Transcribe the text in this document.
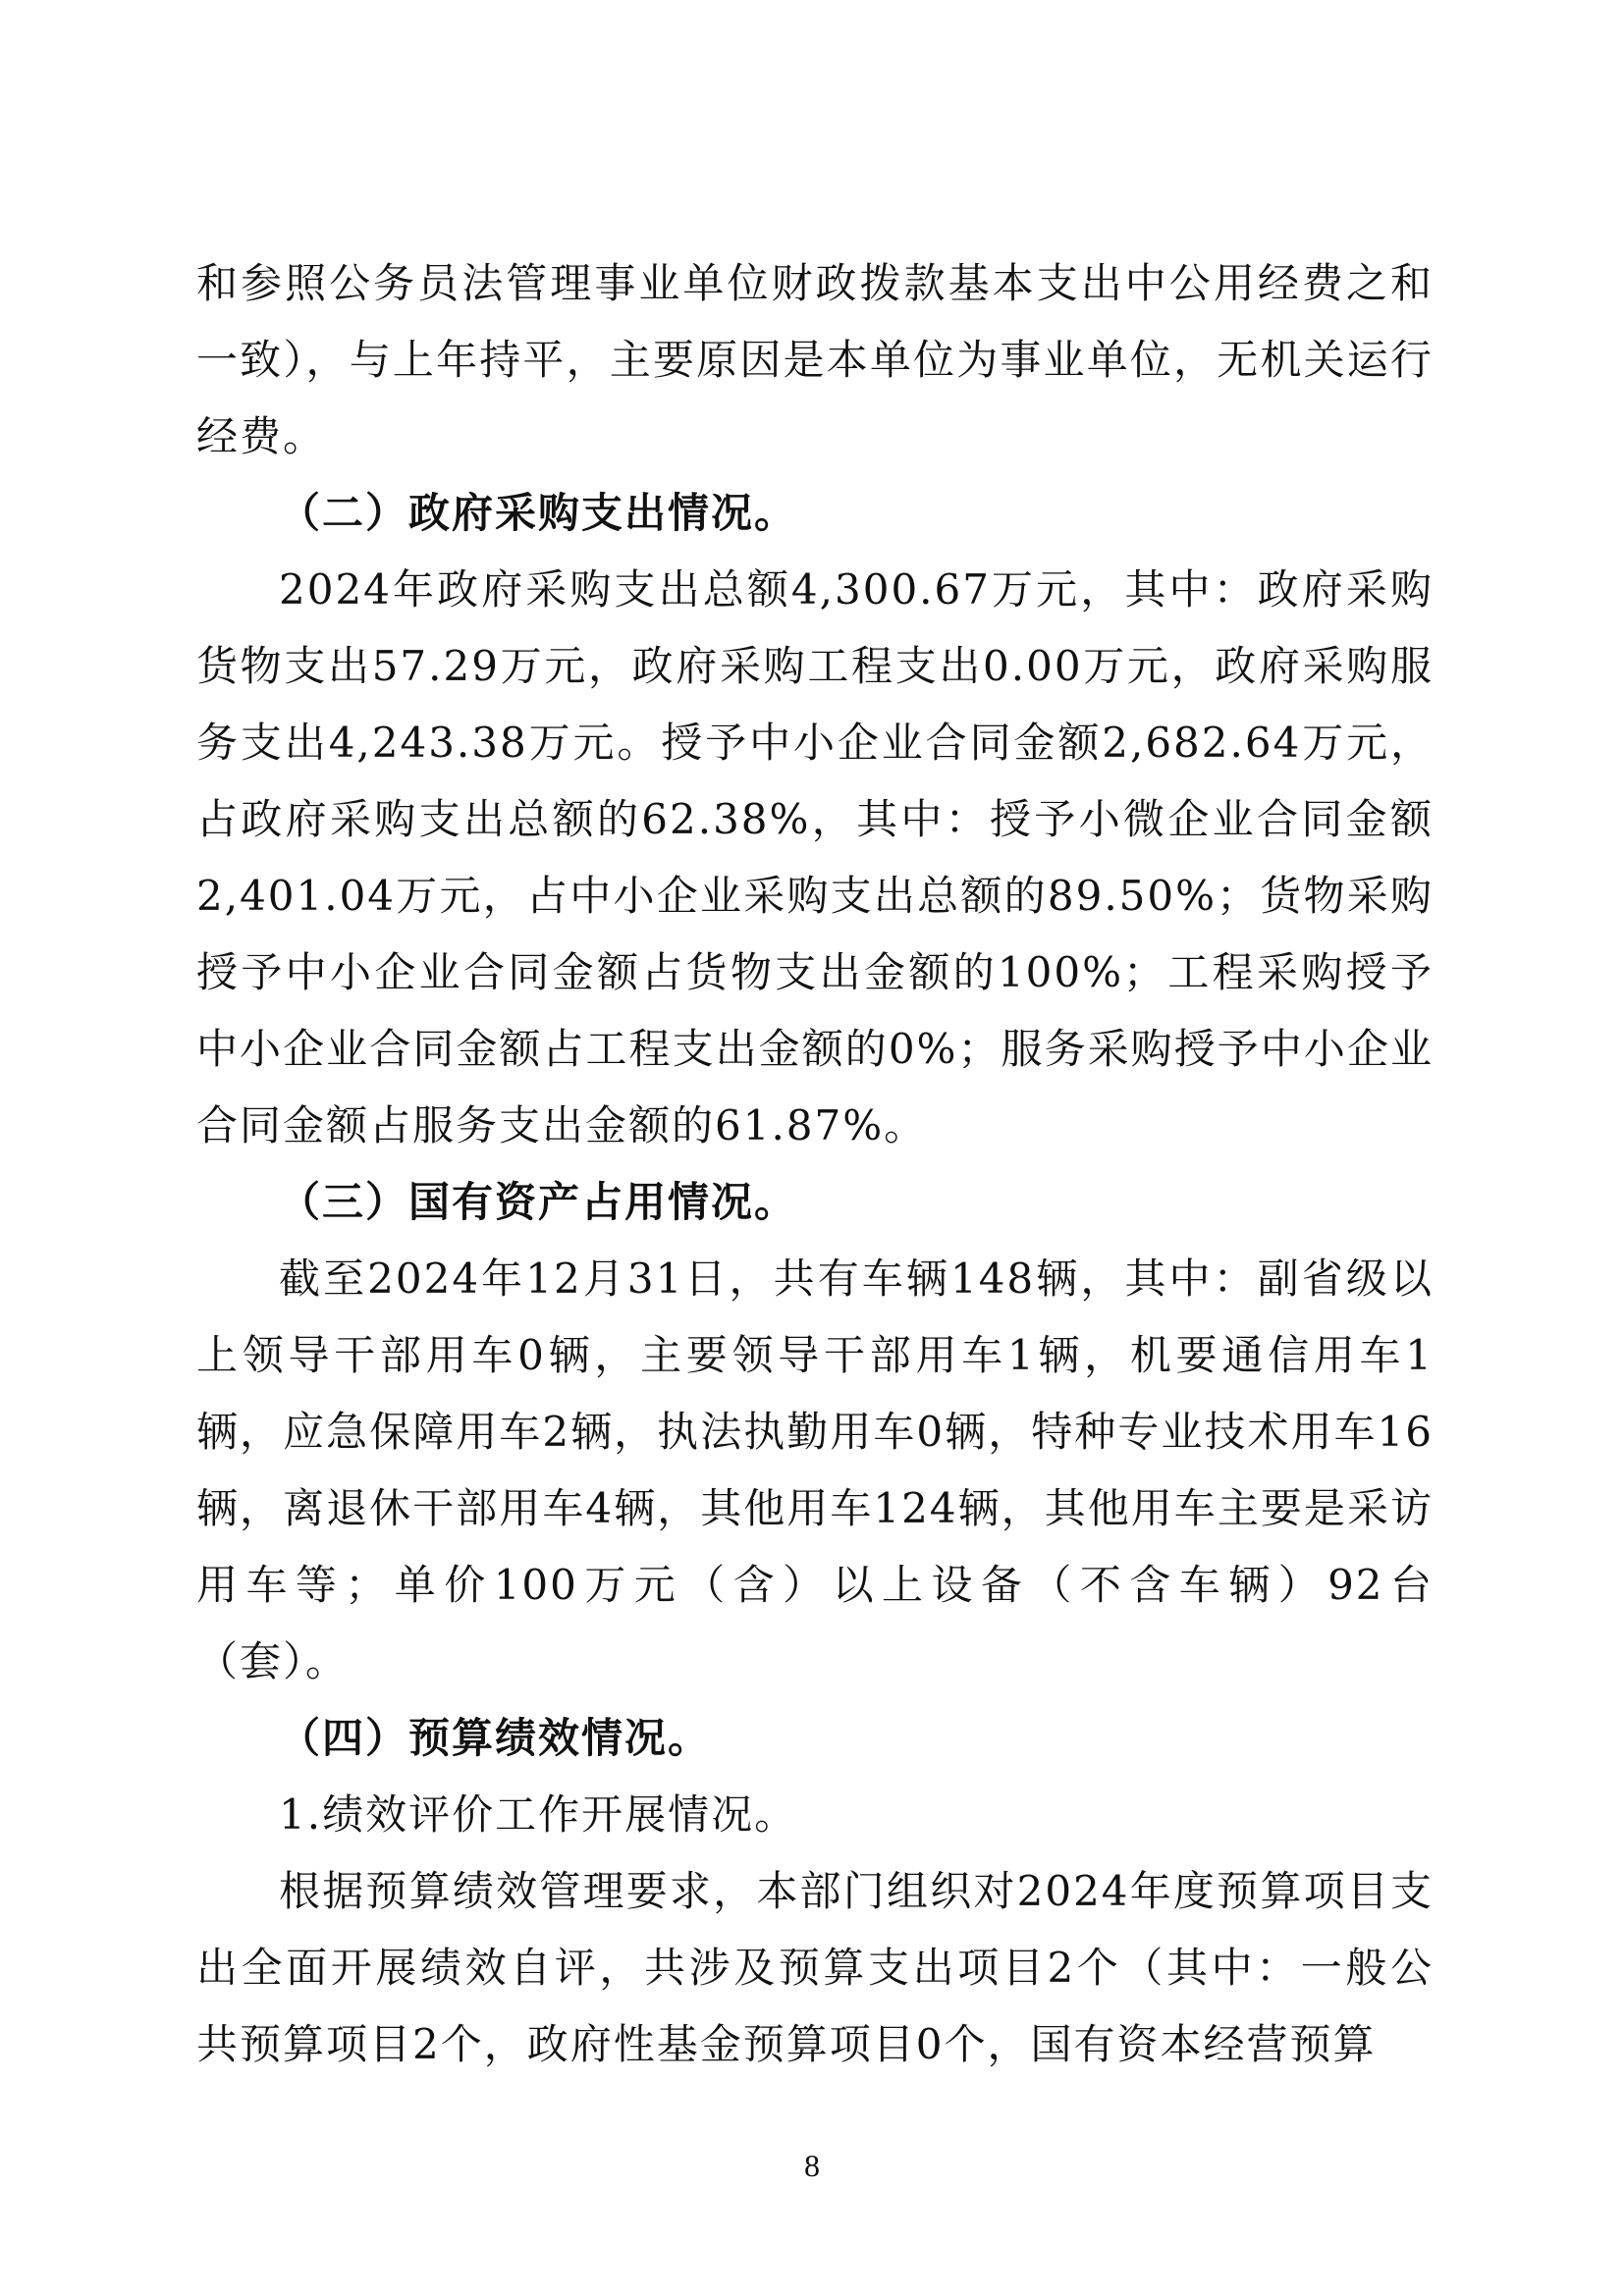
和参照公务员法管理事业单位财政拨款基本支出中公用经费之和一致），与上年持平，主要原因是本单位为事业单位，无机关运行经费。

（二）政府采购支出情况。

2024年政府采购支出总额4,300.67万元，其中：政府采购货物支出57.29万元，政府采购工程支出0.00万元，政府采购服务支出4,243.38万元。授予中小企业合同金额2,682.64万元，占政府采购支出总额的62.38%，其中：授予小微企业合同金额2,401.04万元，占中小企业采购支出总额的89.50%；货物采购授予中小企业合同金额占货物支出金额的100%；工程采购授予中小企业合同金额占工程支出金额的0%；服务采购授予中小企业合同金额占服务支出金额的61.87%。

（三）国有资产占用情况。

截至2024年12月31日，共有车辆148辆，其中：副省级以上领导干部用车0辆，主要领导干部用车1辆，机要通信用车1辆，应急保障用车2辆，执法执勤用车0辆，特种专业技术用车16辆，离退休干部用车4辆，其他用车124辆，其他用车主要是采访用车等；单价100万元（含）以上设备（不含车辆）92台（套）。

（四）预算绩效情况。

1.绩效评价工作开展情况。

根据预算绩效管理要求，本部门组织对2024年度预算项目支出全面开展绩效自评，共涉及预算支出项目2个（其中：一般公共预算项目2个，政府性基金预算项目0个，国有资本经营预算

8
